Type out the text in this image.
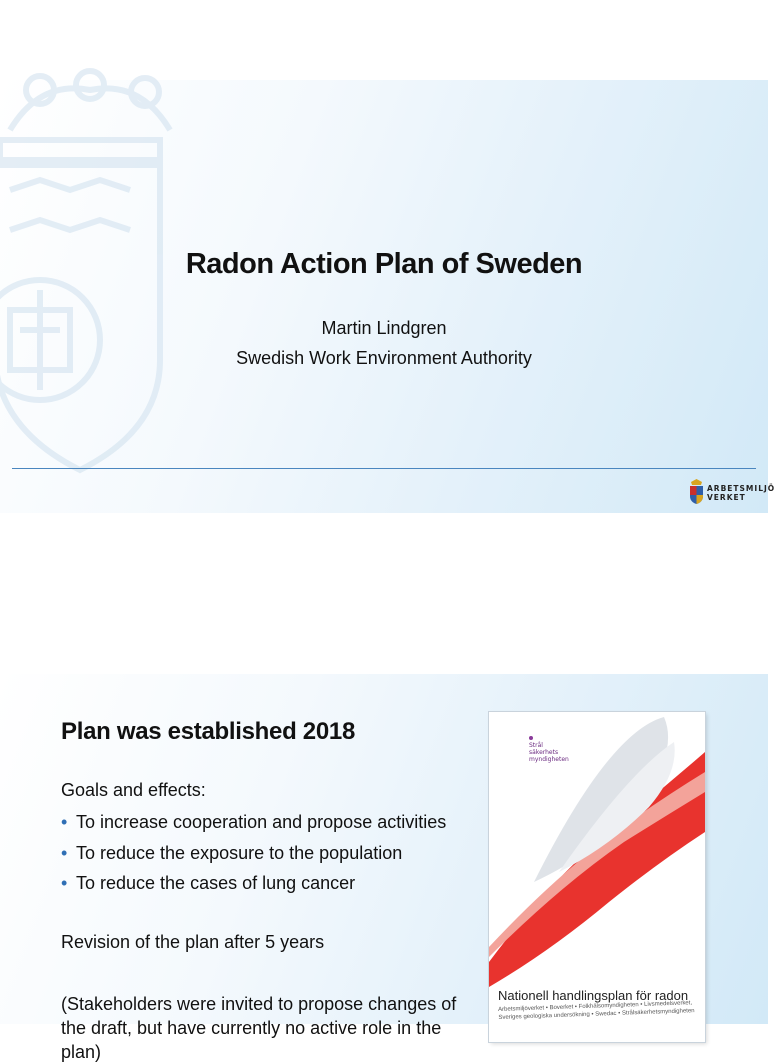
Radon Action Plan of Sweden
Martin Lindgren
Swedish Work Environment Authority
ARBETSMILJÖ
VERKET
Plan was established 2018
Goals and effects:
• To increase cooperation and propose activities
• To reduce the exposure to the population
• To reduce the cases of lung cancer
Revision of the plan after 5 years
(Stakeholders were invited to propose changes of the draft, but have currently no active role in the plan)
Strål
säkerhets
myndigheten
Nationell handlingsplan för radon
Arbetsmiljöverket • Boverket • Folkhälsomyndigheten • Livsmedelsverket, Sveriges geologiska undersökning • Swedac • Strålsäkerhetsmyndigheten
